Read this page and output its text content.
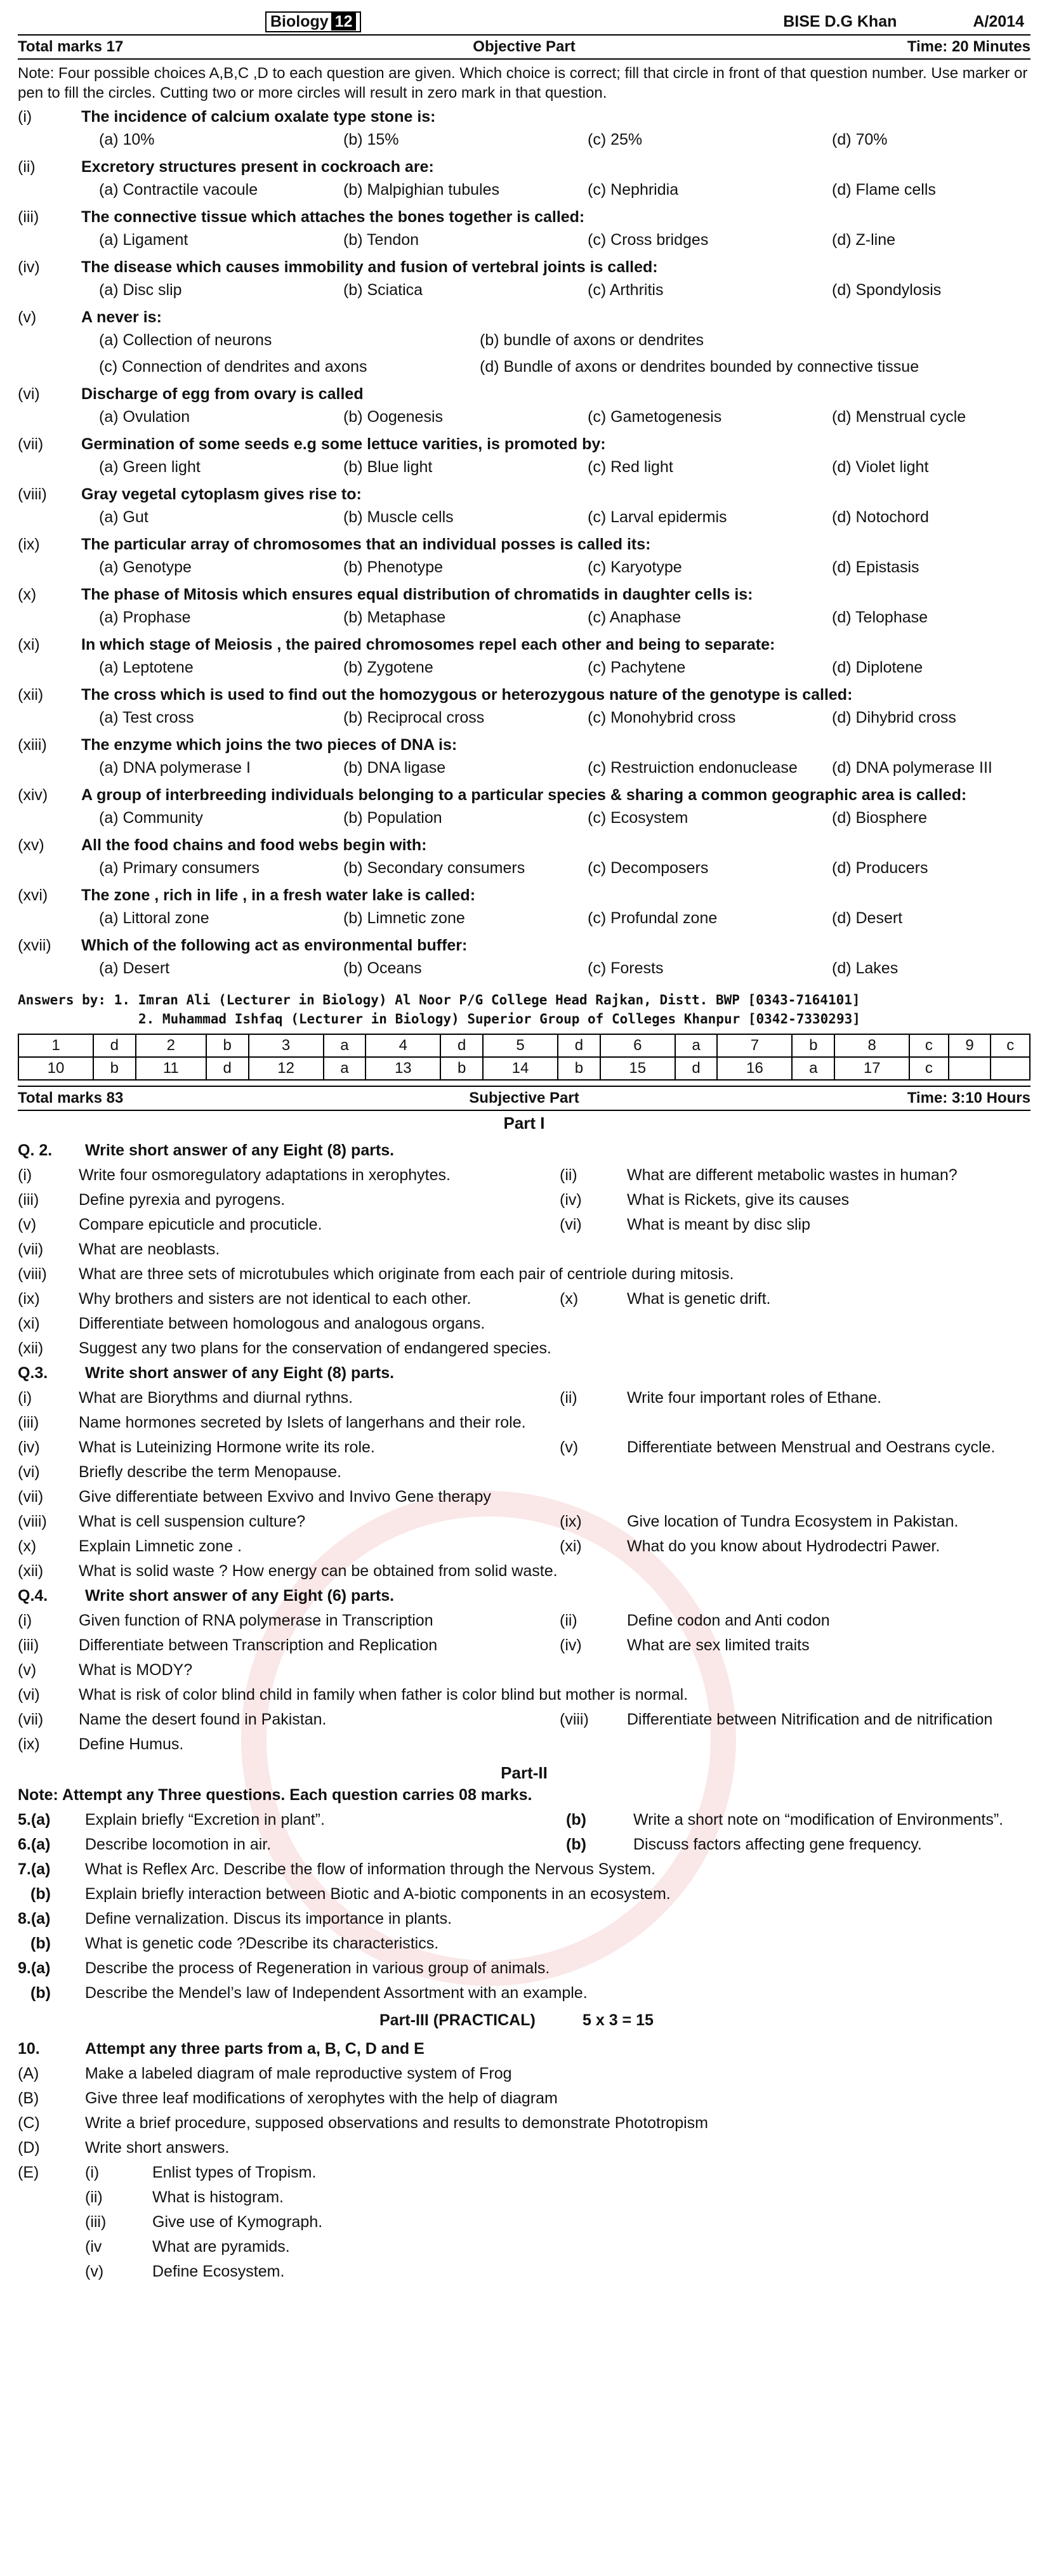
Biology 12	BISE D.G Khan	A/2014
Total marks 17	Objective Part	Time: 20 Minutes
Note: Four possible choices A,B,C ,D to each question are given. Which choice is correct; fill that circle in front of that question number. Use marker or pen to fill the circles. Cutting two or more circles will result in zero mark in that question.
(i)	The incidence of calcium oxalate type stone is:
(a) 10%	(b) 15%	(c) 25%	(d) 70%
(ii)	Excretory structures present in cockroach are:
(a) Contractile vacoule	(b) Malpighian tubules	(c) Nephridia	(d) Flame cells
(iii)	The connective tissue which attaches the bones together is called:
(a) Ligament	(b) Tendon	(c) Cross bridges	(d) Z-line
(iv)	The disease which causes immobility and fusion of vertebral joints is called:
(a) Disc slip	(b) Sciatica	(c) Arthritis	(d) Spondylosis
(v)	A never is:
(a) Collection of neurons	(b) bundle of axons or dendrites
(c) Connection of dendrites and axons	(d) Bundle of axons or dendrites bounded by connective tissue
(vi)	Discharge of egg from ovary is called
(a) Ovulation	(b) Oogenesis	(c) Gametogenesis	(d) Menstrual cycle
(vii)	Germination of some seeds e.g some lettuce varities, is promoted by:
(a) Green light	(b) Blue light	(c) Red light	(d) Violet light
(viii)	Gray vegetal cytoplasm gives rise to:
(a) Gut	(b) Muscle cells	(c) Larval epidermis	(d) Notochord
(ix)	The particular array of chromosomes that an individual posses is called its:
(a) Genotype	(b) Phenotype	(c) Karyotype	(d) Epistasis
(x)	The phase of Mitosis which ensures equal distribution of chromatids in daughter cells is:
(a) Prophase	(b) Metaphase	(c) Anaphase	(d) Telophase
(xi)	In which stage of Meiosis , the paired chromosomes repel each other and being to separate:
(a) Leptotene	(b) Zygotene	(c) Pachytene	(d) Diplotene
(xii)	The cross which is used to find out the homozygous or heterozygous nature of the genotype is called:
(a) Test cross	(b) Reciprocal cross	(c) Monohybrid cross	(d) Dihybrid cross
(xiii)	The enzyme which joins the two pieces of DNA is:
(a) DNA polymerase I	(b) DNA ligase	(c) Restruiction endonuclease	(d) DNA polymerase III
(xiv)	A group of interbreeding individuals belonging to a particular species & sharing a common geographic area is called:
(a) Community	(b) Population	(c) Ecosystem	(d) Biosphere
(xv)	All the food chains and food webs begin with:
(a) Primary consumers	(b) Secondary consumers	(c) Decomposers	(d) Producers
(xvi)	The zone , rich in life , in a fresh water lake is called:
(a) Littoral zone	(b) Limnetic zone	(c) Profundal zone	(d) Desert
(xvii)	Which of the following act as environmental buffer:
(a) Desert	(b) Oceans	(c) Forests	(d) Lakes
Answers by: 1. Imran Ali (Lecturer in Biology) Al Noor P/G College Head Rajkan, Distt. BWP [0343-7164101]
2. Muhammad Ishfaq (Lecturer in Biology) Superior Group of Colleges Khanpur [0342-7330293]
1	d	2	b	3	a	4	d	5	d	6	a	7	b	8	c	9	c
10	b	11	d	12	a	13	b	14	b	15	d	16	a	17	c		
Total marks 83	Subjective Part	Time: 3:10 Hours
Part I
Q. 2.	Write short answer of any Eight (8) parts.
(i)	Write four osmoregulatory adaptations in xerophytes.	(ii)	What are different metabolic wastes in human?
(iii)	Define pyrexia and pyrogens.	(iv)	What is Rickets, give its causes
(v)	Compare epicuticle and procuticle.	(vi)	What is meant by disc slip
(vii)	What are neoblasts.
(viii)	What are three sets of microtubules which originate from each pair of centriole during mitosis.
(ix)	Why brothers and sisters are not identical to each other.	(x)	What is genetic drift.
(xi)	Differentiate between homologous and analogous organs.
(xii)	Suggest any two plans for the conservation of endangered species.
Q.3.	Write short answer of any Eight (8) parts.
(i)	What are Biorythms and diurnal rythns.	(ii)	Write four important roles of Ethane.
(iii)	Name hormones secreted by Islets of langerhans and their role.
(iv)	What is Luteinizing Hormone write its role.	(v)	Differentiate between Menstrual and Oestrans cycle.
(vi)	Briefly describe the term Menopause.
(vii)	Give differentiate between Exvivo and Invivo Gene therapy
(viii)	What is cell suspension culture?	(ix)	Give location of Tundra Ecosystem in Pakistan.
(x)	Explain Limnetic zone .	(xi)	What do you know about Hydrodectri Pawer.
(xii)	What is solid waste ? How energy can be obtained from solid waste.
Q.4.	Write short answer of any Eight (6) parts.
(i)	Given function of RNA polymerase in Transcription	(ii)	Define codon and Anti codon
(iii)	Differentiate between Transcription and Replication	(iv)	What are sex limited traits
(v)	What is MODY?
(vi)	What is risk of color blind child in family when father is color blind but mother is normal.
(vii)	Name the desert found in Pakistan.	(viii)	Differentiate between Nitrification and de nitrification
(ix)	Define Humus.
Part-II
Note: Attempt any Three questions. Each question carries 08 marks.
5.(a)	Explain briefly “Excretion in plant”.	(b)	Write a short note on “modification of Environments”.
6.(a)	Describe locomotion in air.	(b)	Discuss factors affecting gene frequency.
7.(a)	What is Reflex Arc. Describe the flow of information through the Nervous System.
(b)	Explain briefly interaction between Biotic and A-biotic components in an ecosystem.
8.(a)	Define vernalization. Discus its importance in plants.
(b)	What is genetic code ?Describe its characteristics.
9.(a)	Describe the process of Regeneration in various group of animals.
(b)	Describe the Mendel’s law of Independent Assortment with an example.
Part-III (PRACTICAL)	5 x 3 = 15
10.	Attempt any three parts from a, B, C, D and E
(A)	Make a labeled diagram of male reproductive system of Frog
(B)	Give three leaf modifications of xerophytes with the help of diagram
(C)	Write a brief procedure, supposed observations and results to demonstrate Phototropism
(D)	Write short answers.
(E)	(i)	Enlist types of Tropism.
(ii)	What is histogram.
(iii)	Give use of Kymograph.
(iv	What are pyramids.
(v)	Define Ecosystem.
